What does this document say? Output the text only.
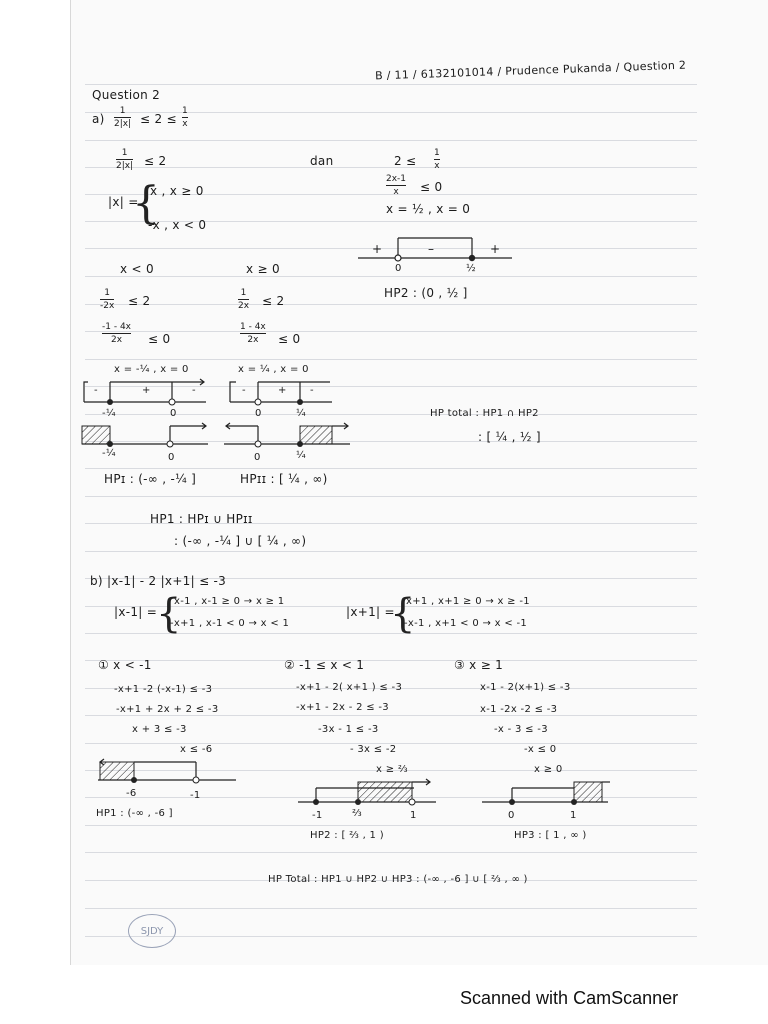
B / 11 / 6132101014 / Prudence Pukanda / Question 2
Question 2
a)
1
2|x| ≤ 2 ≤
1
x
1
2|x| ≤ 2	dan	2 ≤
1
x
2x-1
x ≤ 0
x = ½ , x = 0
|x| =
{
x , x ≥ 0
-x , x < 0
+	–	+
0	½
HP2 : (0 , ½ ]
x < 0	x ≥ 0
1
-2x ≤ 2
1
2x ≤ 2
-1 - 4x
2x ≤ 0
1 - 4x
2x ≤ 0
x = -¼ , x = 0	x = ¼ , x = 0
-	+	-
-¼	0
-	+ -
0	¼
-¼	0	0	¼
HPɪ : (-∞ , -¼ ]	HPɪɪ : [ ¼ , ∞)
HP total : HP1 ∩ HP2
: [ ¼ , ½ ]
HP1 : HPɪ ∪ HPɪɪ
: (-∞ , -¼ ] ∪ [ ¼ , ∞)
b) |x-1| - 2 |x+1| ≤ -3
|x-1| =
{
x-1 , x-1 ≥ 0 → x ≥ 1
-x+1 , x-1 < 0 → x < 1
|x+1| =
{
x+1 , x+1 ≥ 0 → x ≥ -1
-x-1 , x+1 < 0 → x < -1
① x < -1	② -1 ≤ x < 1	③ x ≥ 1
-x+1 -2 (-x-1) ≤ -3
-x+1 + 2x + 2 ≤ -3
x + 3 ≤ -3
x ≤ -6
-x+1 - 2( x+1 ) ≤ -3
-x+1 - 2x - 2 ≤ -3
-3x - 1 ≤ -3
- 3x ≤ -2
x ≥ ⅔
x-1 - 2(x+1) ≤ -3
x-1 -2x -2 ≤ -3
-x - 3 ≤ -3
-x ≤ 0
x ≥ 0
-6	-1
HP1 : (-∞ , -6 ]	-1	⅔	1
HP2 : [ ⅔ , 1 )
0	1
HP3 : [ 1 , ∞ )
HP Total : HP1 ∪ HP2 ∪ HP3 : (-∞ , -6 ] ∪ [ ⅔ , ∞ )
SJDY
Scanned with CamScanner
